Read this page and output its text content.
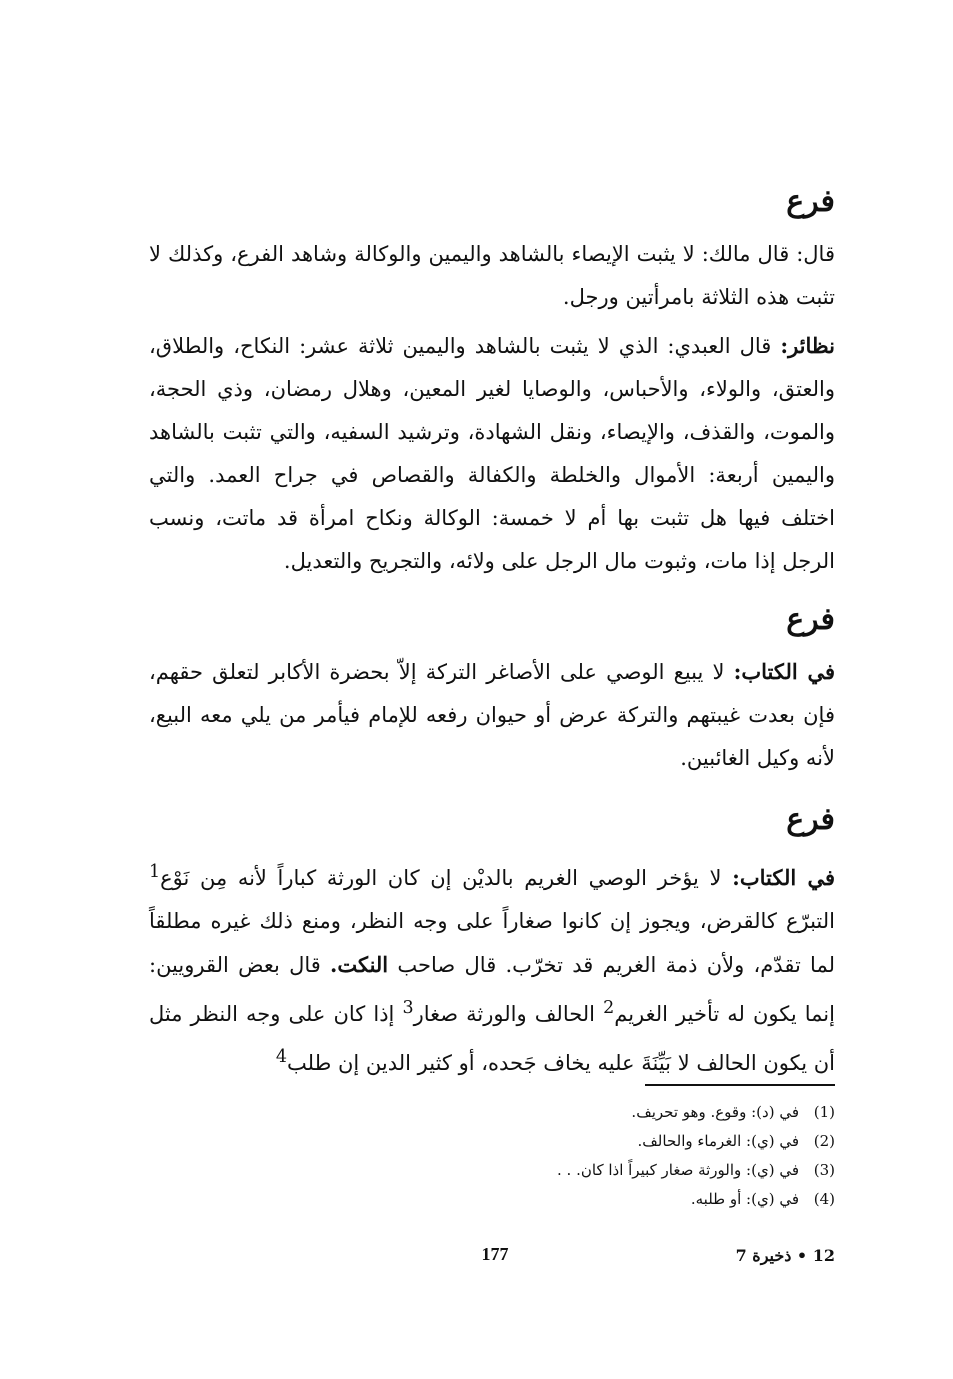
فرع

قال: قال مالك: لا يثبت الإيصاء بالشاهد واليمين والوكالة وشاهد الفرع، وكذلك لا تثبت هذه الثلاثة بامرأتين ورجل.

نظائر: قال العبدي: الذي لا يثبت بالشاهد واليمين ثلاثة عشر: النكاح، والطلاق، والعتق، والولاء، والأحباس، والوصايا لغير المعين، وهلال رمضان، وذي الحجة، والموت، والقذف، والإيصاء، ونقل الشهادة، وترشيد السفيه، والتي تثبت بالشاهد واليمين أربعة: الأموال والخلطة والكفالة والقصاص في جراح العمد. والتي اختلف فيها هل تثبت بها أم لا خمسة: الوكالة ونكاح امرأة قد ماتت، ونسب الرجل إذا مات، وثبوت مال الرجل على ولائه، والتجريح والتعديل.

فرع

في الكتاب: لا يبيع الوصي على الأصاغر التركة إلاّ بحضرة الأكابر لتعلق حقهم، فإن بعدت غيبتهم والتركة عرض أو حيوان رفعه للإمام فيأمر من يلي معه البيع، لأنه وكيل الغائبين.

فرع

في الكتاب: لا يؤخر الوصي الغريم بالديْن إن كان الورثة كباراً لأنه مِن نَوْع$^1$ التبرّع كالقرض، ويجوز إن كانوا صغاراً على وجه النظر، ومنع ذلك غيره مطلقاً لما تقدّم، ولأن ذمة الغريم قد تخرّب. قال صاحب النكت. قال بعض القرويين: إنما يكون له تأخير الغريم$^2$ الحالف والورثة صغار$^3$ إذا كان على وجه النظر مثل أن يكون الحالف لا بَيِّنَةَ عليه يخاف جَحده، أو كثير الدين إن طلب$^4$

(1)في (د): وقوع. وهو تحريف.
(2)في (ي): الغرماء والحالف.
(3)في (ي): والورثة صغار كبيراً اذا كان. . .
(4)في (ي): أو طلبه.
12 • ذخيرة 7
177
